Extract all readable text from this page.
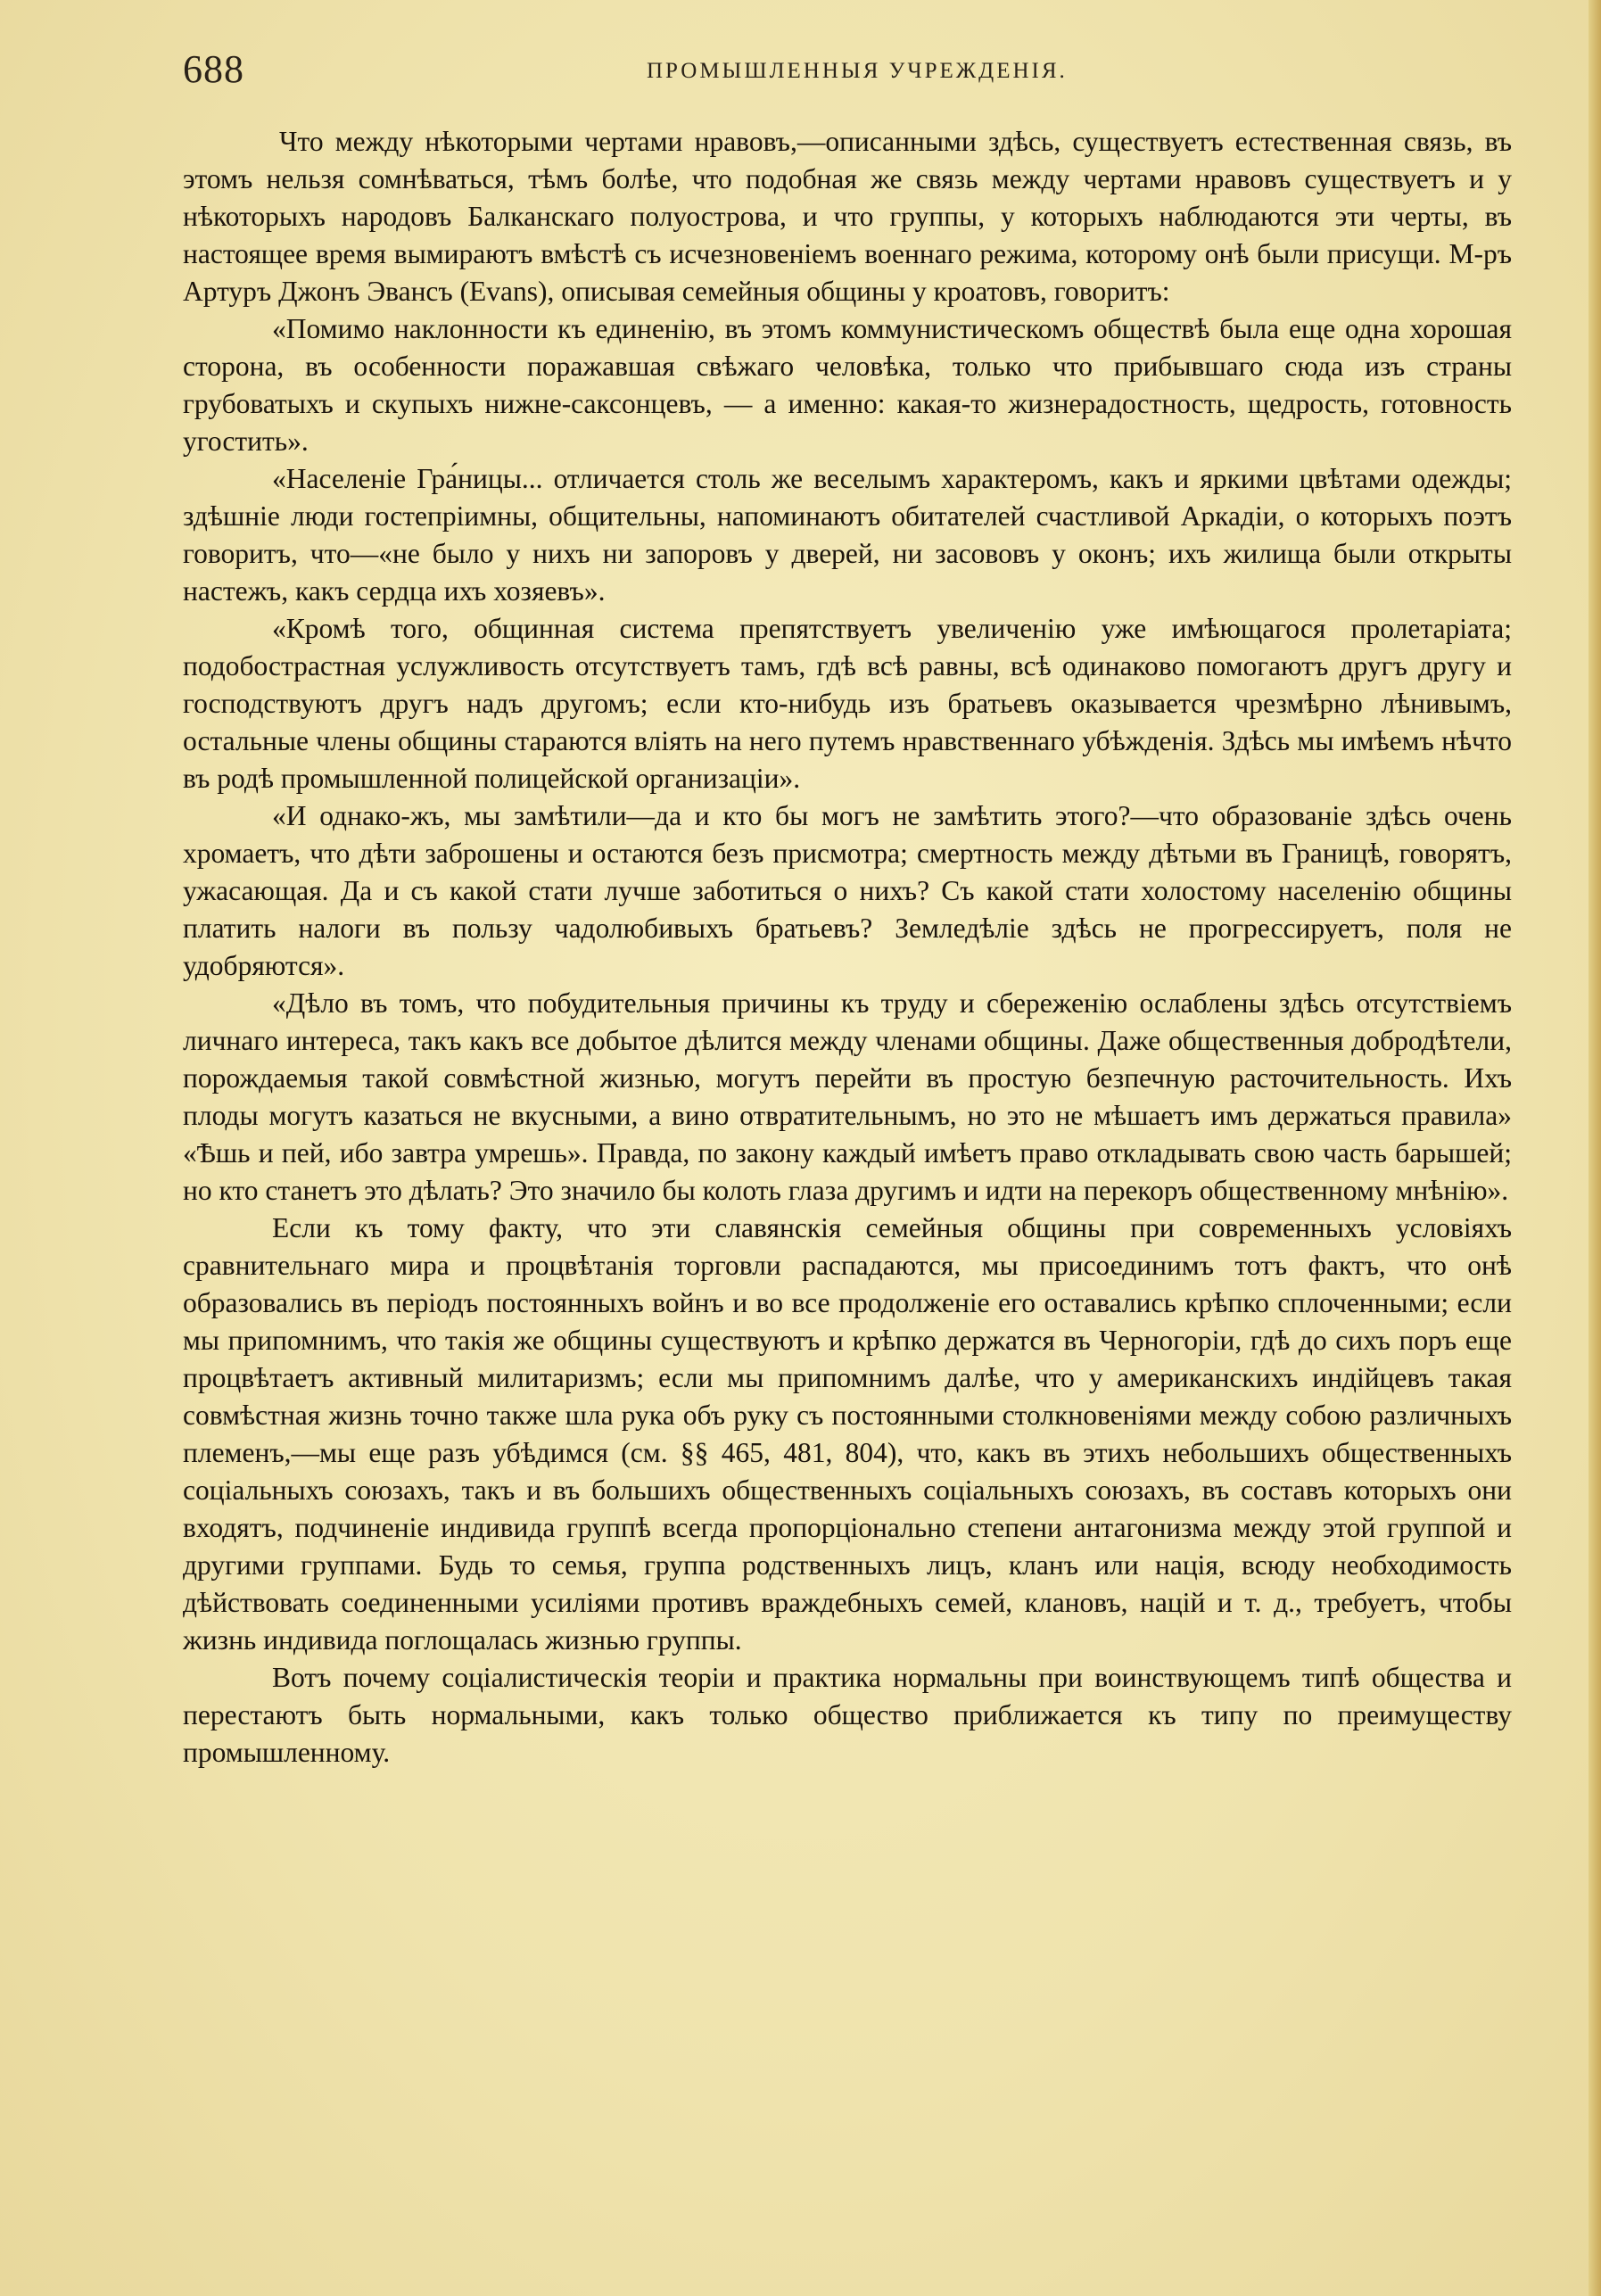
688	ПРОМЫШЛЕННЫЯ УЧРЕЖДЕНІЯ.

Что между нѣкоторыми чертами нравовъ,—описанными здѣсь, существуетъ естественная связь, въ этомъ нельзя сомнѣваться, тѣмъ болѣе, что подобная же связь между чертами нравовъ существуетъ и у нѣкоторыхъ народовъ Балканскаго полуострова, и что группы, у которыхъ наблюдаются эти черты, въ настоящее время вымираютъ вмѣстѣ съ исчезновеніемъ военнаго режима, которому онѣ были присущи. М-ръ Артуръ Джонъ Эвансъ (Evans), описывая семейныя общины у кроатовъ, говоритъ:

«Помимо наклонности къ единенію, въ этомъ коммунистическомъ обществѣ была еще одна хорошая сторона, въ особенности поражавшая свѣжаго человѣка, только что прибывшаго сюда изъ страны грубоватыхъ и скупыхъ нижне-саксонцевъ, — а именно: какая-то жизнерадостность, щедрость, готовность угостить».

«Населеніе Гра́ницы... отличается столь же веселымъ характеромъ, какъ и яркими цвѣтами одежды; здѣшніе люди гостепріимны, общительны, напоминаютъ обитателей счастливой Аркадіи, о которыхъ поэтъ говоритъ, что—«не было у нихъ ни запоровъ у дверей, ни засововъ у оконъ; ихъ жилища были открыты настежъ, какъ сердца ихъ хозяевъ».

«Кромѣ того, общинная система препятствуетъ увеличенію уже имѣющагося пролетаріата; подобострастная услужливость отсутствуетъ тамъ, гдѣ всѣ равны, всѣ одинаково помогаютъ другъ другу и господствуютъ другъ надъ другомъ; если кто-нибудь изъ братьевъ оказывается чрезмѣрно лѣнивымъ, остальные члены общины стараются вліять на него путемъ нравственнаго убѣжденія. Здѣсь мы имѣемъ нѣчто въ родѣ промышленной полицейской организаціи».

«И однако-жъ, мы замѣтили—да и кто бы могъ не замѣтить этого?—что образованіе здѣсь очень хромаетъ, что дѣти заброшены и остаются безъ присмотра; смертность между дѣтьми въ Границѣ, говорятъ, ужасающая. Да и съ какой стати лучше заботиться о нихъ? Съ какой стати холостому населенію общины платить налоги въ пользу чадолюбивыхъ братьевъ? Земледѣліе здѣсь не прогрессируетъ, поля не удобряются».

«Дѣло въ томъ, что побудительныя причины къ труду и сбереженію ослаблены здѣсь отсутствіемъ личнаго интереса, такъ какъ все добытое дѣлится между членами общины. Даже общественныя добродѣтели, порождаемыя такой совмѣстной жизнью, могутъ перейти въ простую безпечную расточительность. Ихъ плоды могутъ казаться не вкусными, а вино отвратительнымъ, но это не мѣшаетъ имъ держаться правила» «Ѣшь и пей, ибо завтра умрешь». Правда, по закону каждый имѣетъ право откладывать свою часть барышей; но кто станетъ это дѣлать? Это значило бы колоть глаза другимъ и идти на перекоръ общественному мнѣнію».

Если къ тому факту, что эти славянскія семейныя общины при современныхъ условіяхъ сравнительнаго мира и процвѣтанія торговли распадаются, мы присоединимъ тотъ фактъ, что онѣ образовались въ періодъ постоянныхъ войнъ и во все продолженіе его оставались крѣпко сплоченными; если мы припомнимъ, что такія же общины существуютъ и крѣпко держатся въ Черногоріи, гдѣ до сихъ поръ еще процвѣтаетъ активный милитаризмъ; если мы припомнимъ далѣе, что у американскихъ индійцевъ такая совмѣстная жизнь точно также шла рука объ руку съ постоянными столкновеніями между собою различныхъ племенъ,—мы еще разъ убѣдимся (см. §§ 465, 481, 804), что, какъ въ этихъ небольшихъ общественныхъ соціальныхъ союзахъ, такъ и въ большихъ общественныхъ соціальныхъ союзахъ, въ составъ которыхъ они входятъ, подчиненіе индивида группѣ всегда пропорціонально степени антагонизма между этой группой и другими группами. Будь то семья, группа родственныхъ лицъ, кланъ или нація, всюду необходимость дѣйствовать соединенными усиліями противъ враждебныхъ семей, клановъ, націй и т. д., требуетъ, чтобы жизнь индивида поглощалась жизнью группы.

Вотъ почему соціалистическія теоріи и практика нормальны при воинствующемъ типѣ общества и перестаютъ быть нормальными, какъ только общество приближается къ типу по преимуществу промышленному.
